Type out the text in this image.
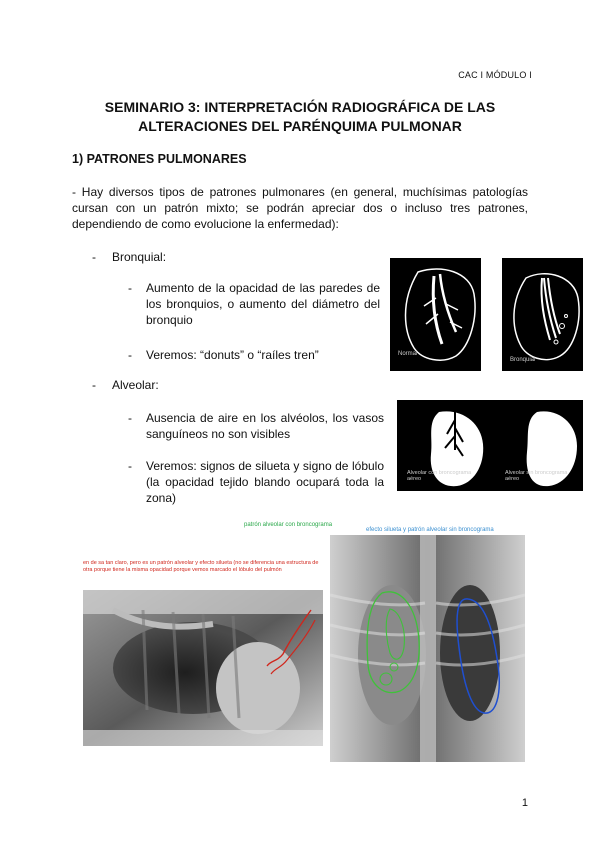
CAC I MÓDULO I
SEMINARIO 3: INTERPRETACIÓN RADIOGRÁFICA DE LAS
ALTERACIONES DEL PARÉNQUIMA PULMONAR
1) PATRONES PULMONARES
- Hay diversos tipos de patrones pulmonares (en general, muchísimas patologías cursan con un patrón mixto; se podrán apreciar dos o incluso tres patrones, dependiendo de como evolucione la enfermedad):
- Bronquial:
- Aumento de la opacidad de las paredes de los bronquios, o aumento del diámetro del bronquio
- Veremos: “donuts” o “raíles tren”
- Alveolar:
- Ausencia de aire en los alvéolos, los vasos sanguíneos no son visibles
- Veremos: signos de silueta y signo de lóbulo (la opacidad tejido blando ocupará toda la zona)
Normal
Bronquial
Alveolar con broncograma aéreo
Alveolar sin broncograma aéreo
patrón alveolar con broncograma
en de sa tan claro, pero es un patrón alveolar y efecto silueta (no se diferencia una estructura de otra porque tiene la misma opacidad porque vemos marcado el lóbulo del pulmón
efecto silueta y patrón alveolar sin broncograma
1
